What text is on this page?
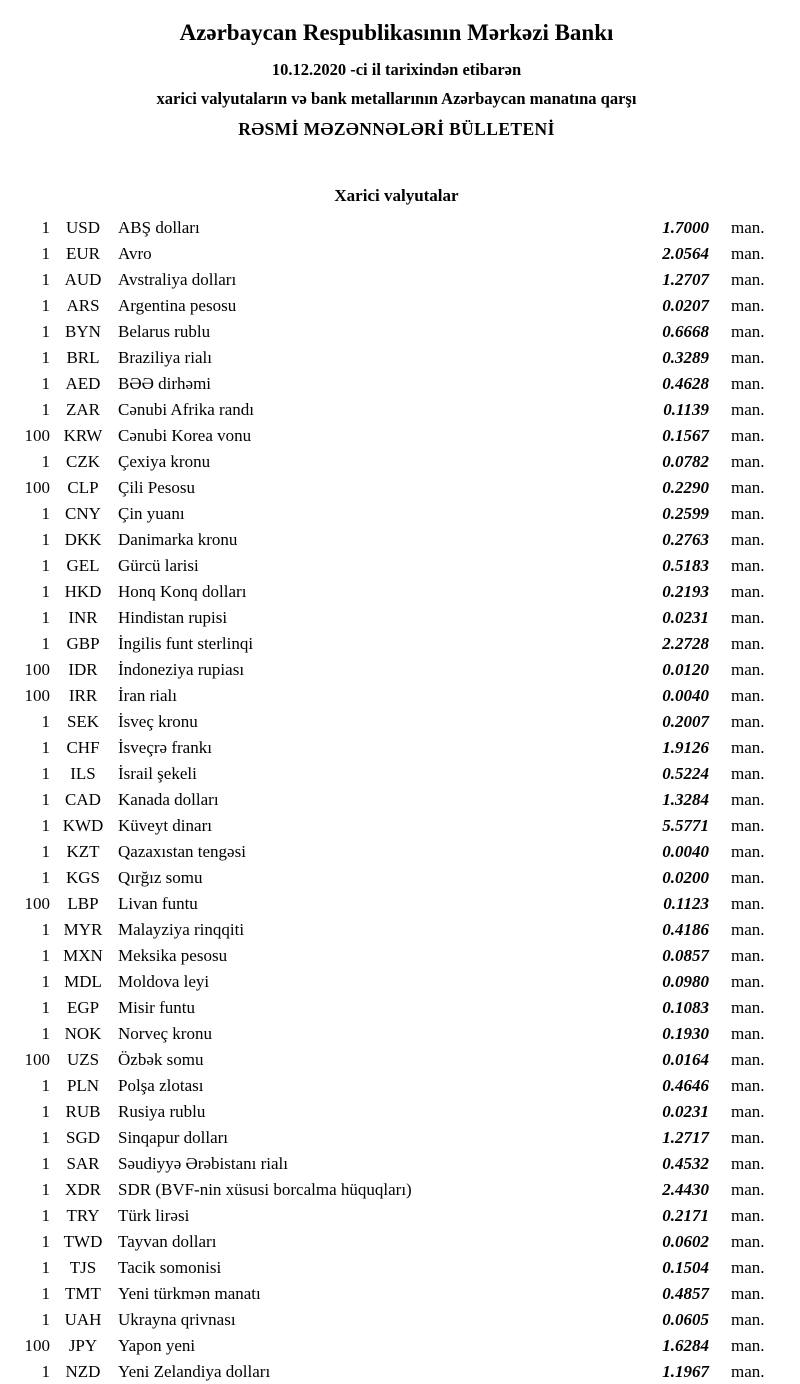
Azərbaycan Respublikasının Mərkəzi Bankı
10.12.2020 -ci il tarixindən etibarən
xarici valyutaların və bank metallarının Azərbaycan manatına qarşı
RƏSMİ MƏZƏNNƏLƏRİ BÜLLETENİ
Xarici valyutalar
1 USD	ABŞ dolları	1.7000 man.
1 EUR	Avro	2.0564 man.
1 AUD Avstraliya dolları	1.2707 man.
1 ARS	Argentina pesosu	0.0207 man.
1 BYN	Belarus rublu	0.6668 man.
1 BRL	Braziliya rialı	0.3289 man.
1 AED	BƏƏ dirhəmi	0.4628 man.
1 ZAR	Cənubi Afrika randı	0.1139 man.
100 KRW Cənubi Korea vonu	0.1567 man.
1 CZK	Çexiya kronu	0.0782 man.
100	CLP	Çili Pesosu	0.2290 man.
1 CNY	Çin yuanı	0.2599 man.
1 DKK Danimarka kronu	0.2763 man.
1 GEL	Gürcü larisi	0.5183 man.
1 HKD Honq Konq dolları	0.2193 man.
1	INR	Hindistan rupisi	0.0231 man.
1 GBP	İngilis funt sterlinqi	2.2728 man.
100	IDR	İndoneziya rupiası	0.0120 man.
100	IRR	İran rialı	0.0040 man.
1 SEK	İsveç kronu	0.2007 man.
1 CHF	İsveçrə frankı	1.9126 man.
1	ILS	İsrail şekeli	0.5224 man.
1 CAD	Kanada dolları	1.3284 man.
1 KWD Küveyt dinarı	5.5771 man.
1 KZT	Qazaxıstan tengəsi	0.0040 man.
1 KGS	Qırğız somu	0.0200 man.
100	LBP	Livan funtu	0.1123 man.
1 MYR Malayziya rinqqiti	0.4186 man.
1 MXN Meksika pesosu	0.0857 man.
1 MDL Moldova leyi	0.0980 man.
1 EGP	Misir funtu	0.1083 man.
1 NOK Norveç kronu	0.1930 man.
100 UZS	Özbək somu	0.0164 man.
1 PLN	Polşa zlotası	0.4646 man.
1 RUB	Rusiya rublu	0.0231 man.
1 SGD	Sinqapur dolları	1.2717 man.
1 SAR	Səudiyyə Ərəbistanı rialı	0.4532 man.
1 XDR	SDR (BVF-nin xüsusi borcalma hüquqları)	2.4430 man.
1 TRY	Türk lirəsi	0.2171 man.
1 TWD Tayvan dolları	0.0602 man.
1	TJS	Tacik somonisi	0.1504 man.
1 TMT	Yeni türkmən manatı	0.4857 man.
1 UAH Ukrayna qrivnası	0.0605 man.
100	JPY	Yapon yeni	1.6284 man.
1 NZD	Yeni Zelandiya dolları	1.1967 man.
